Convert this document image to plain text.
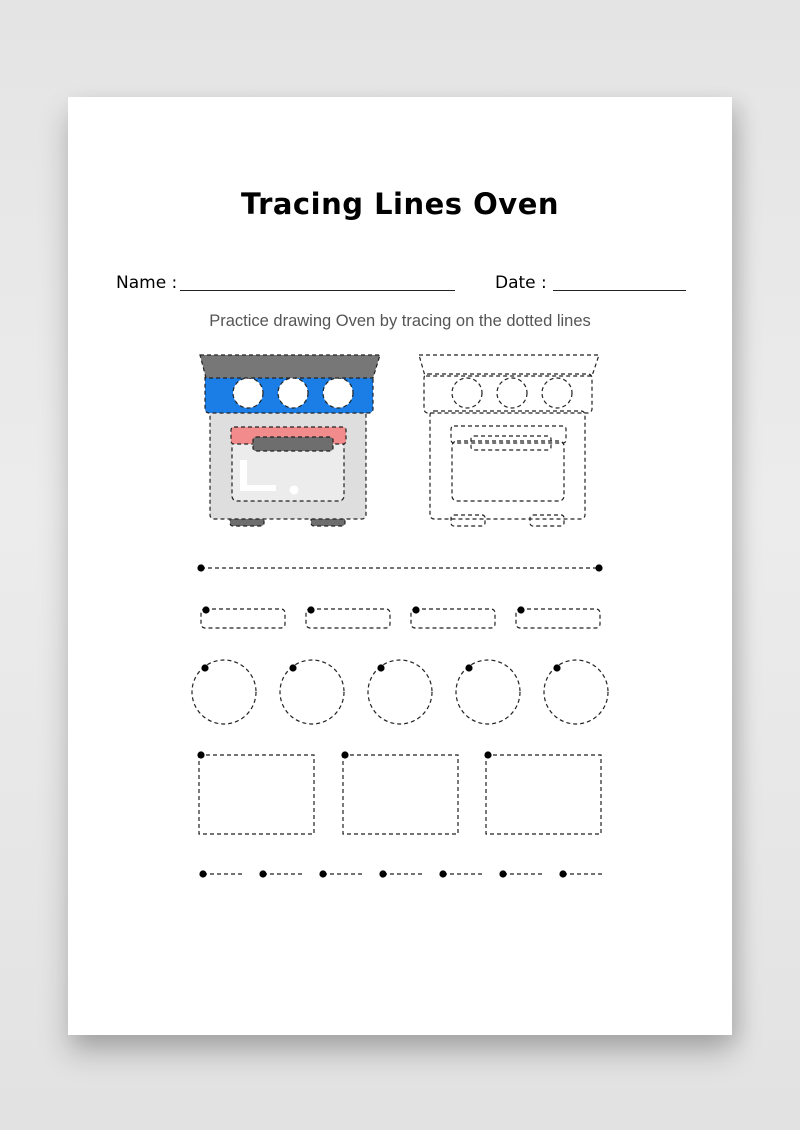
Tracing Lines Oven
Name :	Date :
Practice drawing Oven by tracing on the dotted lines
